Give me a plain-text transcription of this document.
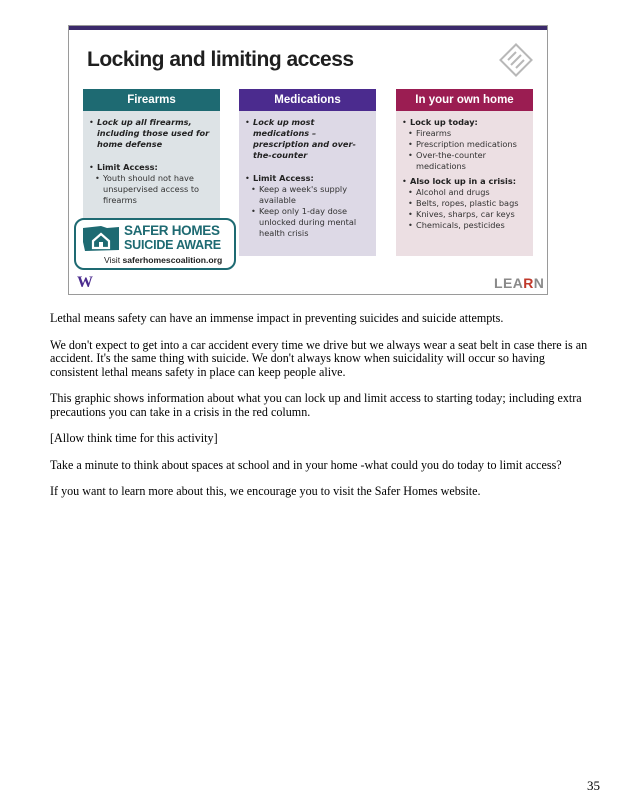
Locking and limiting access
Firearms
• Lock up all firearms, including those used for home defense
• Limit Access:
• Youth should not have unsupervised access to firearms
Medications
• Lock up most medications – prescription and over-the-counter
• Limit Access:
• Keep a week's supply available
• Keep only 1-day dose unlocked during mental health crisis
In your own home
• Lock up today:
• Firearms
• Prescription medications
• Over-the-counter medications
• Also lock up in a crisis:
• Alcohol and drugs
• Belts, ropes, plastic bags
• Knives, sharps, car keys
• Chemicals, pesticides
SAFER HOMES
SUICIDE AWARE
Visit saferhomescoalition.org
W	LEARN

Lethal means safety can have an immense impact in preventing suicides and suicide attempts.

We don't expect to get into a car accident every time we drive but we always wear a seat belt in case there is an accident. It's the same thing with suicide. We don't always know when suicidality will occur so having consistent lethal means safety in place can keep people alive.

This graphic shows information about what you can lock up and limit access to starting today; including extra precautions you can take in a crisis in the red column.

[Allow think time for this activity]

Take a minute to think about spaces at school and in your home -what could you do today to limit access?

If you want to learn more about this, we encourage you to visit the Safer Homes website.

35
